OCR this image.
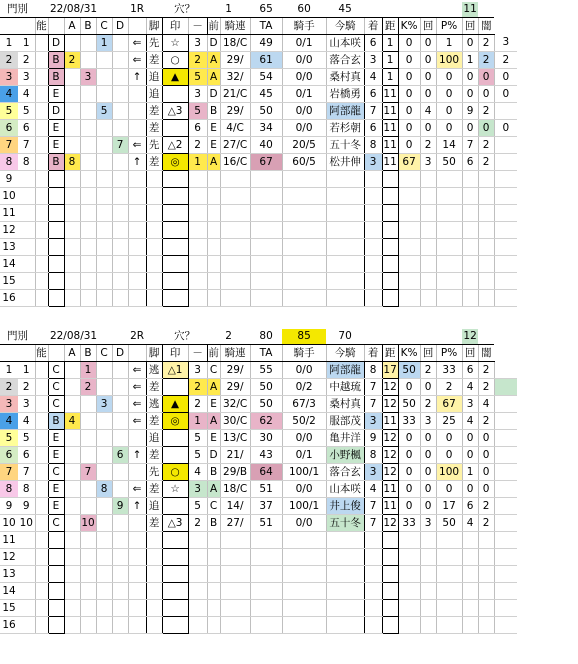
門別		22/08/31					1R			穴？		1		65	60	45						11		
		能		A	B	C	D		脚	印	－	前	騎連	TA	騎手	今騎	着	距	K%	回	P%	回	闇	
1	1		D			1		⇐	先	☆	3	D	18/C	49	0/1	山本咲	6	1	0	0	1	0	2	3
2	2		B	2				⇐	差	○	2	A	29/	61	0/0	落合玄	3	1	0	0	100	1	2	2
3	3		B		3			↑	追	▲	5	A	32/	54	0/0	桑村真	4	1	0	0	0	0	0	0
4	4		E						追		3	D	21/C	45	0/1	岩橋勇	6	11	0	0	0	0	0	0
5	5		D			5			差	△3	5	B	29/	50	0/0	阿部龍	7	11	0	4	0	9	2	
6	6		E						差		6	E	4/C	34	0/0	若杉朝	6	11	0	0	0	0	0	0
7	7		E				7	⇐	先	△2	2	E	27/C	40	20/5	五十冬	8	11	0	2	14	7	2	
8	8		B	8				↑	差	◎	1	A	16/C	67	60/5	松井伸	3	11	67	3	50	6	2	
9																								
10																								
11																								
12																								
13																								
14																								
15																								
16																								
門別		22/08/31					2R			穴？		2		80	85	70						12		
		能		A	B	C	D		脚	印	－	前	騎連	TA	騎手	今騎	着	距	K%	回	P%	回	闇	
1	1		C		1			⇐	逃	△1	3	C	29/	55	0/0	阿部龍	8	17	50	2	33	6	2	
2	2		C		2			⇐	差		2	A	29/	50	0/2	中越琉	7	12	0	0	2	4	2	
3	3		C			3		⇐	逃	▲	2	E	32/C	50	67/3	桑村真	7	12	50	2	67	3	4	
4	4		B	4				⇐	差	◎	1	A	30/C	62	50/2	服部茂	3	11	33	3	25	4	2	
5	5		E						追		5	E	13/C	30	0/0	亀井洋	9	12	0	0	0	0	0	
6	6		E				6	↑	差		5	D	21/	43	0/1	小野楓	8	12	0	0	0	0	0	
7	7		C		7				先	○	4	B	29/B	64	100/1	落合玄	3	12	0	0	100	1	0	
8	8		E			8		⇐	差	☆	3	A	18/C	51	0/0	山本咲	4	11	0	0	0	0	0	
9	9		E				9	↑	追		5	C	14/	37	100/1	井上俊	7	11	0	0	17	6	2	
10	10		C		10				差	△3	2	B	27/	51	0/0	五十冬	7	12	33	3	50	4	2	
11																								
12																								
13																								
14																								
15																								
16																								
